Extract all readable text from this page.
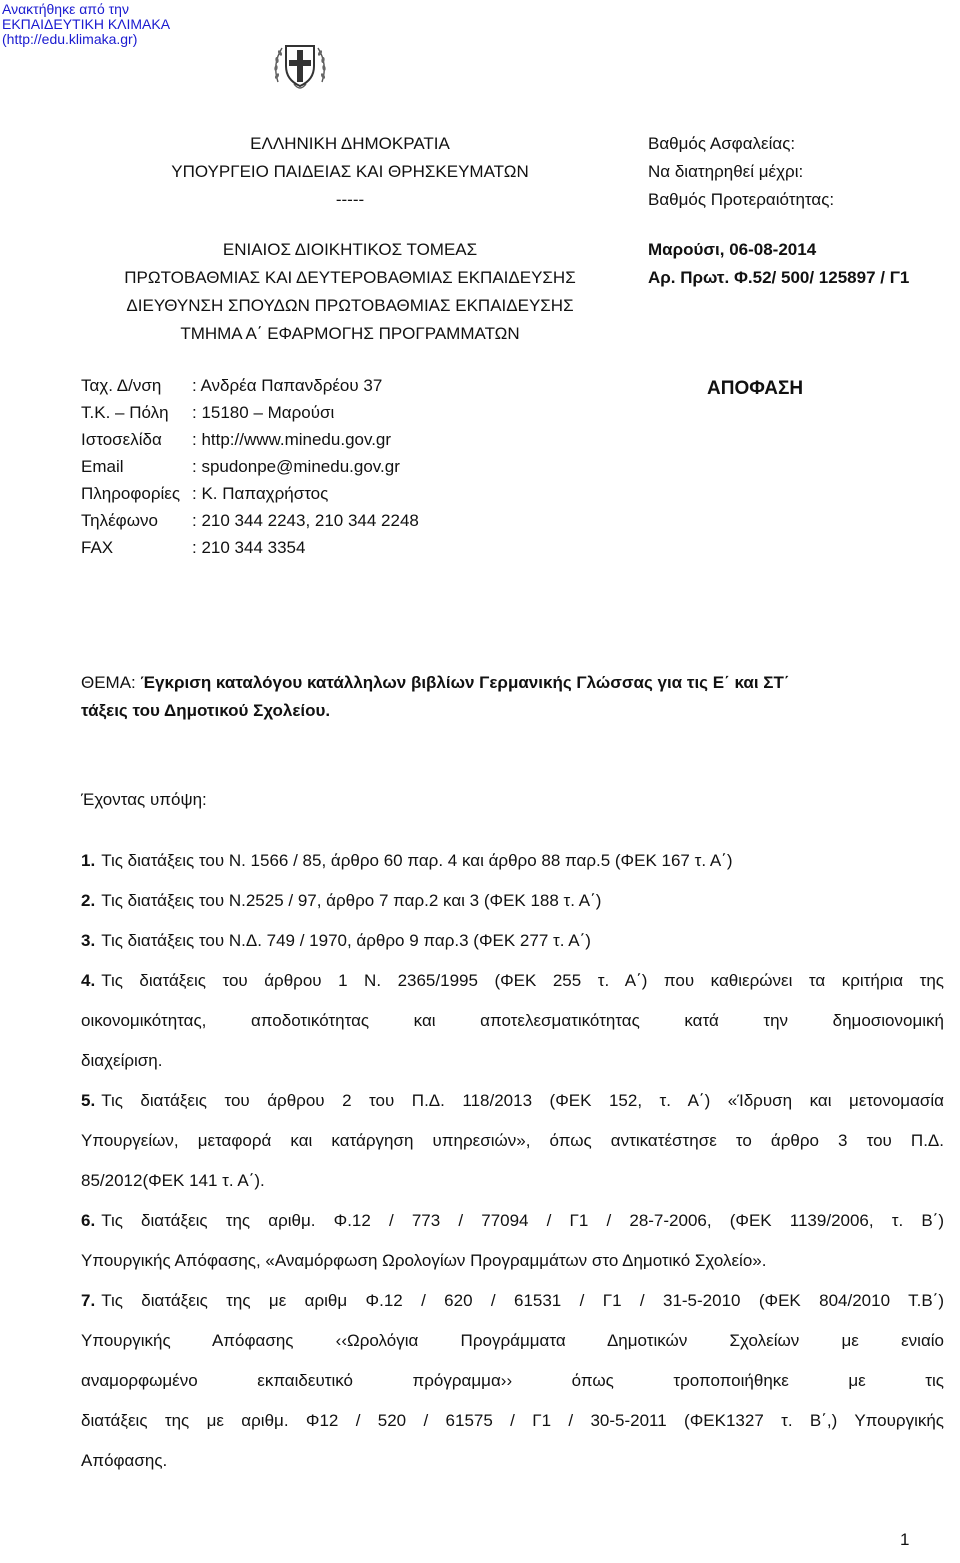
Ανακτήθηκε από την
ΕΚΠΑΙΔΕΥΤΙΚΗ ΚΛΙΜΑΚΑ
(http://edu.klimaka.gr)
ΕΛΛΗΝΙΚΗ ΔΗΜΟΚΡΑΤΙΑ
ΥΠΟΥΡΓΕΙΟ ΠΑΙΔΕΙΑΣ ΚΑΙ ΘΡΗΣΚΕΥΜΑΤΩΝ
-----
ΕΝΙΑΙΟΣ ΔΙΟΙΚΗΤΙΚΟΣ ΤΟΜΕΑΣ
ΠΡΩΤΟΒΑΘΜΙΑΣ ΚΑΙ ΔΕΥΤΕΡΟΒΑΘΜΙΑΣ ΕΚΠΑΙΔΕΥΣΗΣ
ΔΙΕΥΘΥΝΣΗ ΣΠΟΥΔΩΝ ΠΡΩΤΟΒΑΘΜΙΑΣ ΕΚΠΑΙΔΕΥΣΗΣ
ΤΜΗΜΑ Α΄ ΕΦΑΡΜΟΓΗΣ ΠΡΟΓΡΑΜΜΑΤΩΝ
Βαθμός Ασφαλείας:
Να διατηρηθεί μέχρι:
Βαθμός Προτεραιότητας:
Μαρούσι, 06-08-2014
Αρ. Πρωτ. Φ.52/ 500/ 125897 / Γ1
Ταχ. Δ/νση : Ανδρέα Παπανδρέου 37
Τ.Κ. – Πόλη : 15180 – Μαρούσι
Ιστοσελίδα : http://www.minedu.gov.gr
Email	: spudonpe@minedu.gov.gr
Πληροφορίες : Κ. Παπαχρήστος
Τηλέφωνο : 210 344 2243, 210 344 2248
FAX	: 210 344 3354
ΑΠΟΦΑΣΗ
ΘΕΜΑ: Έγκριση καταλόγου κατάλληλων βιβλίων Γερμανικής Γλώσσας για τις Ε΄ και ΣΤ΄
τάξεις του Δημοτικού Σχολείου.
Έχοντας υπόψη:
1. Τις διατάξεις του Ν. 1566 / 85, άρθρο 60 παρ. 4 και άρθρο 88 παρ.5 (ΦΕΚ 167 τ. Α΄)
2. Τις διατάξεις του Ν.2525 / 97, άρθρο 7 παρ.2 και 3 (ΦΕΚ 188 τ. Α΄)
3. Τις διατάξεις του Ν.Δ. 749 / 1970, άρθρο 9 παρ.3 (ΦΕΚ 277 τ. Α΄)
4. Τις διατάξεις του άρθρου 1 Ν. 2365/1995 (ΦΕΚ 255 τ. Α΄) που καθιερώνει τα κριτήρια της
οικονομικότητας, αποδοτικότητας και αποτελεσματικότητας κατά την δημοσιονομική
διαχείριση.
5. Τις διατάξεις του άρθρου 2 του Π.Δ. 118/2013 (ΦΕΚ 152, τ. Α΄) «Ίδρυση και μετονομασία
Υπουργείων, μεταφορά και κατάργηση υπηρεσιών», όπως αντικατέστησε το άρθρο 3 του Π.Δ.
85/2012(ΦΕΚ 141 τ. Α΄).
6. Τις διατάξεις της αριθμ. Φ.12 / 773 / 77094 / Γ1 / 28-7-2006, (ΦΕΚ 1139/2006, τ. Β΄)
Υπουργικής Απόφασης, «Αναμόρφωση Ωρολογίων Προγραμμάτων στο Δημοτικό Σχολείο».
7. Τις διατάξεις της με αριθμ Φ.12 / 620 / 61531 / Γ1 / 31-5-2010 (ΦΕΚ 804/2010 Τ.Β΄)
Υπουργικής Απόφασης ‹‹Ωρολόγια Προγράμματα Δημοτικών Σχολείων με ενιαίο
αναμορφωμένο εκπαιδευτικό πρόγραμμα›› όπως τροποποιήθηκε με τις
διατάξεις της με αριθμ. Φ12 / 520 / 61575 / Γ1 / 30-5-2011 (ΦΕΚ1327 τ. Β΄,) Υπουργικής
Απόφασης.
1
